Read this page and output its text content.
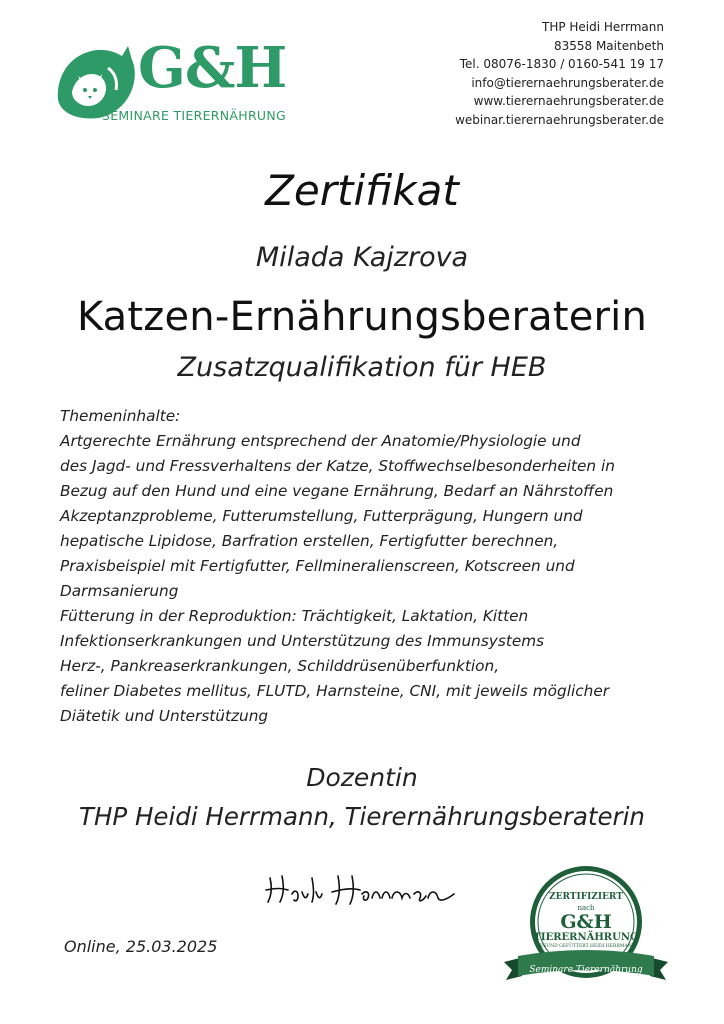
G&H
SEMINARE TIERERNÄHRUNG
THP Heidi Herrmann
83558 Maitenbeth
Tel. 08076-1830 / 0160-541 19 17
info@tierernaehrungsberater.de
www.tierernaehrungsberater.de
webinar.tierernaehrungsberater.de
Zertifikat
Milada Kajzrova
Katzen-Ernährungsberaterin
Zusatzqualifikation für HEB
Themeninhalte:
Artgerechte Ernährung entsprechend der Anatomie/Physiologie und
des Jagd- und Fressverhaltens der Katze, Stoffwechselbesonderheiten in
Bezug auf den Hund und eine vegane Ernährung, Bedarf an Nährstoffen
Akzeptanzprobleme, Futterumstellung, Futterprägung, Hungern und
hepatische Lipidose, Barfration erstellen, Fertigfutter berechnen,
Praxisbeispiel mit Fertigfutter, Fellmineralienscreen, Kotscreen und
Darmsanierung
Fütterung in der Reproduktion: Trächtigkeit, Laktation, Kitten
Infektionserkrankungen und Unterstützung des Immunsystems
Herz-, Pankreaserkrankungen, Schilddrüsenüberfunktion,
feliner Diabetes mellitus, FLUTD, Harnsteine, CNI, mit jeweils möglicher
Diätetik und Unterstützung
Dozentin
THP Heidi Herrmann, Tierernährungsberaterin
Online, 25.03.2025
ZERTIFIZIERT
nach
G&H
TIERERNÄHRUNG
GESUND GEFÜTTERT HEIDI HERRMANN
Seminare Tierernährung
